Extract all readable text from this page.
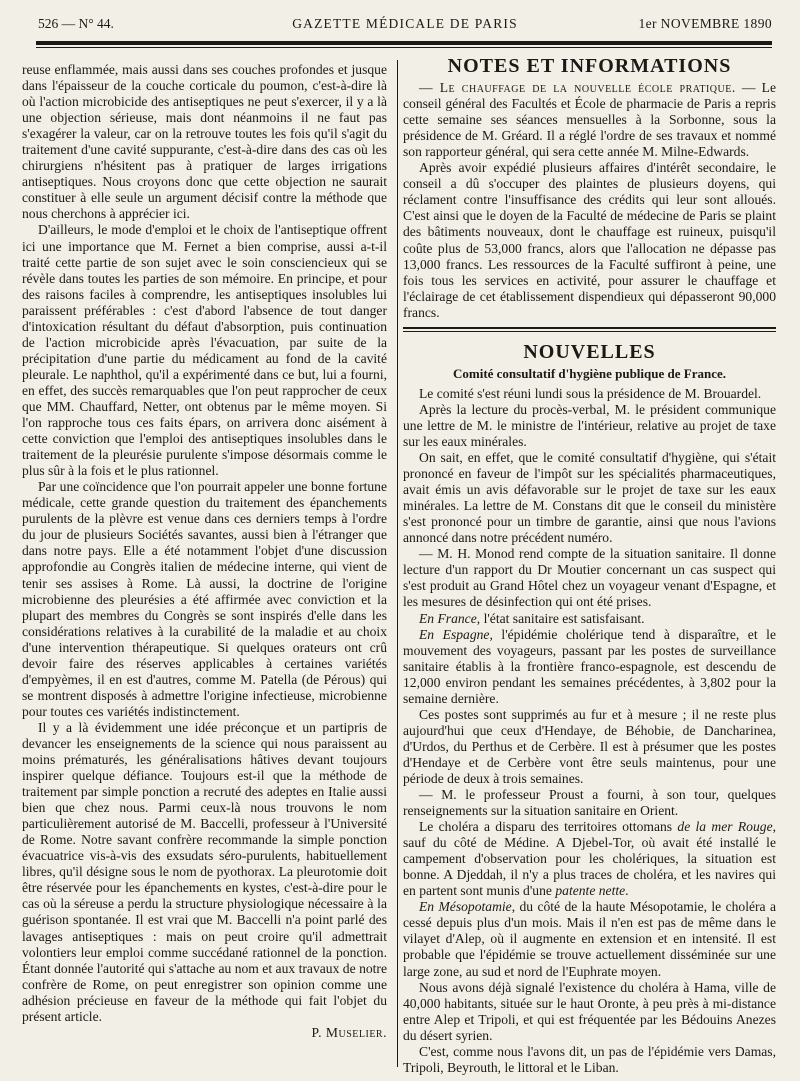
526 — N° 44.	GAZETTE MÉDICALE DE PARIS	1er NOVEMBRE 1890

reuse enflammée, mais aussi dans ses couches profondes et jusque dans l'épaisseur de la couche corticale du poumon, c'est-à-dire là où l'action microbicide des antiseptiques ne peut s'exercer, il y a là une objection sérieuse, mais dont néanmoins il ne faut pas s'exagérer la valeur, car on la retrouve toutes les fois qu'il s'agit du traitement d'une cavité suppurante, c'est-à-dire dans des cas où les chirurgiens n'hésitent pas à pratiquer de larges irrigations antiseptiques. Nous croyons donc que cette objection ne saurait constituer à elle seule un argument décisif contre la méthode que nous cherchons à apprécier ici.

D'ailleurs, le mode d'emploi et le choix de l'antiseptique offrent ici une importance que M. Fernet a bien comprise, aussi a-t-il traité cette partie de son sujet avec le soin consciencieux qui se révèle dans toutes les parties de son mémoire. En principe, et pour des raisons faciles à comprendre, les antiseptiques insolubles lui paraissent préférables : c'est d'abord l'absence de tout danger d'intoxication résultant du défaut d'absorption, puis continuation de l'action microbicide après l'évacuation, par suite de la précipitation d'une partie du médicament au fond de la cavité pleurale. Le naphthol, qu'il a expérimenté dans ce but, lui a fourni, en effet, des succès remarquables que l'on peut rapprocher de ceux que MM. Chauffard, Netter, ont obtenus par le même moyen. Si l'on rapproche tous ces faits épars, on arrivera donc aisément à cette conviction que l'emploi des antiseptiques insolubles dans le traitement de la pleurésie purulente s'impose désormais comme le plus sûr à la fois et le plus rationnel.

Par une coïncidence que l'on pourrait appeler une bonne fortune médicale, cette grande question du traitement des épanchements purulents de la plèvre est venue dans ces derniers temps à l'ordre du jour de plusieurs Sociétés savantes, aussi bien à l'étranger que dans notre pays. Elle a été notamment l'objet d'une discussion approfondie au Congrès italien de médecine interne, qui vient de tenir ses assises à Rome. Là aussi, la doctrine de l'origine microbienne des pleurésies a été affirmée avec conviction et la plupart des membres du Congrès se sont inspirés d'elle dans les considérations relatives à la curabilité de la maladie et au choix d'une intervention thérapeutique. Si quelques orateurs ont crû devoir faire des réserves applicables à certaines variétés d'empyèmes, il en est d'autres, comme M. Patella (de Pérous) qui se montrent disposés à admettre l'origine infectieuse, microbienne pour toutes ces variétés indistinctement.

Il y a là évidemment une idée préconçue et un partipris de devancer les enseignements de la science qui nous paraissent au moins prématurés, les généralisations hâtives devant toujours inspirer quelque défiance. Toujours est-il que la méthode de traitement par simple ponction a recruté des adeptes en Italie aussi bien que chez nous. Parmi ceux-là nous trouvons le nom particulièrement autorisé de M. Baccelli, professeur à l'Université de Rome. Notre savant confrère recommande la simple ponction évacuatrice vis-à-vis des exsudats séro-purulents, habituellement libres, qu'il désigne sous le nom de pyothorax. La pleurotomie doit être réservée pour les épanchements en kystes, c'est-à-dire pour le cas où la séreuse a perdu la structure physiologique nécessaire à la guérison spontanée. Il est vrai que M. Baccelli n'a point parlé des lavages antiseptiques : mais on peut croire qu'il admettrait volontiers leur emploi comme succédané rationnel de la ponction. Étant donnée l'autorité qui s'attache au nom et aux travaux de notre confrère de Rome, on peut enregistrer son opinion comme une adhésion précieuse en faveur de la méthode qui fait l'objet du présent article.

P. Muselier.

NOTES ET INFORMATIONS

— Le chauffage de la nouvelle école pratique. — Le conseil général des Facultés et École de pharmacie de Paris a repris cette semaine ses séances mensuelles à la Sorbonne, sous la présidence de M. Gréard. Il a réglé l'ordre de ses travaux et nommé son rapporteur général, qui sera cette année M. Milne-Edwards.

Après avoir expédié plusieurs affaires d'intérêt secondaire, le conseil a dû s'occuper des plaintes de plusieurs doyens, qui réclament contre l'insuffisance des crédits qui leur sont alloués. C'est ainsi que le doyen de la Faculté de médecine de Paris se plaint des bâtiments nouveaux, dont le chauffage est ruineux, puisqu'il coûte plus de 53,000 francs, alors que l'allocation ne dépasse pas 13,000 francs. Les ressources de la Faculté suffiront à peine, une fois tous les services en activité, pour assurer le chauffage et l'éclairage de cet établissement dispendieux qui dépasseront 90,000 francs.

NOUVELLES
Comité consultatif d'hygiène publique de France.

Le comité s'est réuni lundi sous la présidence de M. Brouardel.

Après la lecture du procès-verbal, M. le président communique une lettre de M. le ministre de l'intérieur, relative au projet de taxe sur les eaux minérales.

On sait, en effet, que le comité consultatif d'hygiène, qui s'était prononcé en faveur de l'impôt sur les spécialités pharmaceutiques, avait émis un avis défavorable sur le projet de taxe sur les eaux minérales. La lettre de M. Constans dit que le conseil du ministère s'est prononcé pour un timbre de garantie, ainsi que nous l'avions annoncé dans notre précédent numéro.

— M. H. Monod rend compte de la situation sanitaire. Il donne lecture d'un rapport du Dr Moutier concernant un cas suspect qui s'est produit au Grand Hôtel chez un voyageur venant d'Espagne, et les mesures de désinfection qui ont été prises.

En France, l'état sanitaire est satisfaisant.

En Espagne, l'épidémie cholérique tend à disparaître, et le mouvement des voyageurs, passant par les postes de surveillance sanitaire établis à la frontière franco-espagnole, est descendu de 12,000 environ pendant les semaines précédentes, à 3,802 pour la semaine dernière.

Ces postes sont supprimés au fur et à mesure ; il ne reste plus aujourd'hui que ceux d'Hendaye, de Béhobie, de Dancharinea, d'Urdos, du Perthus et de Cerbère. Il est à présumer que les postes d'Hendaye et de Cerbère vont être seuls maintenus, pour une période de deux à trois semaines.

— M. le professeur Proust a fourni, à son tour, quelques renseignements sur la situation sanitaire en Orient.

Le choléra a disparu des territoires ottomans de la mer Rouge, sauf du côté de Médine. A Djebel-Tor, où avait été installé le campement d'observation pour les cholériques, la situation est bonne. A Djeddah, il n'y a plus traces de choléra, et les navires qui en partent sont munis d'une patente nette.

En Mésopotamie, du côté de la haute Mésopotamie, le choléra a cessé depuis plus d'un mois. Mais il n'en est pas de même dans le vilayet d'Alep, où il augmente en extension et en intensité. Il est probable que l'épidémie se trouve actuellement disséminée sur une large zone, au sud et nord de l'Euphrate moyen.

Nous avons déjà signalé l'existence du choléra à Hama, ville de 40,000 habitants, située sur le haut Oronte, à peu près à mi-distance entre Alep et Tripoli, et qui est fréquentée par les Bédouins Anezes du désert syrien.

C'est, comme nous l'avons dit, un pas de l'épidémie vers Damas, Tripoli, Beyrouth, le littoral et le Liban.
